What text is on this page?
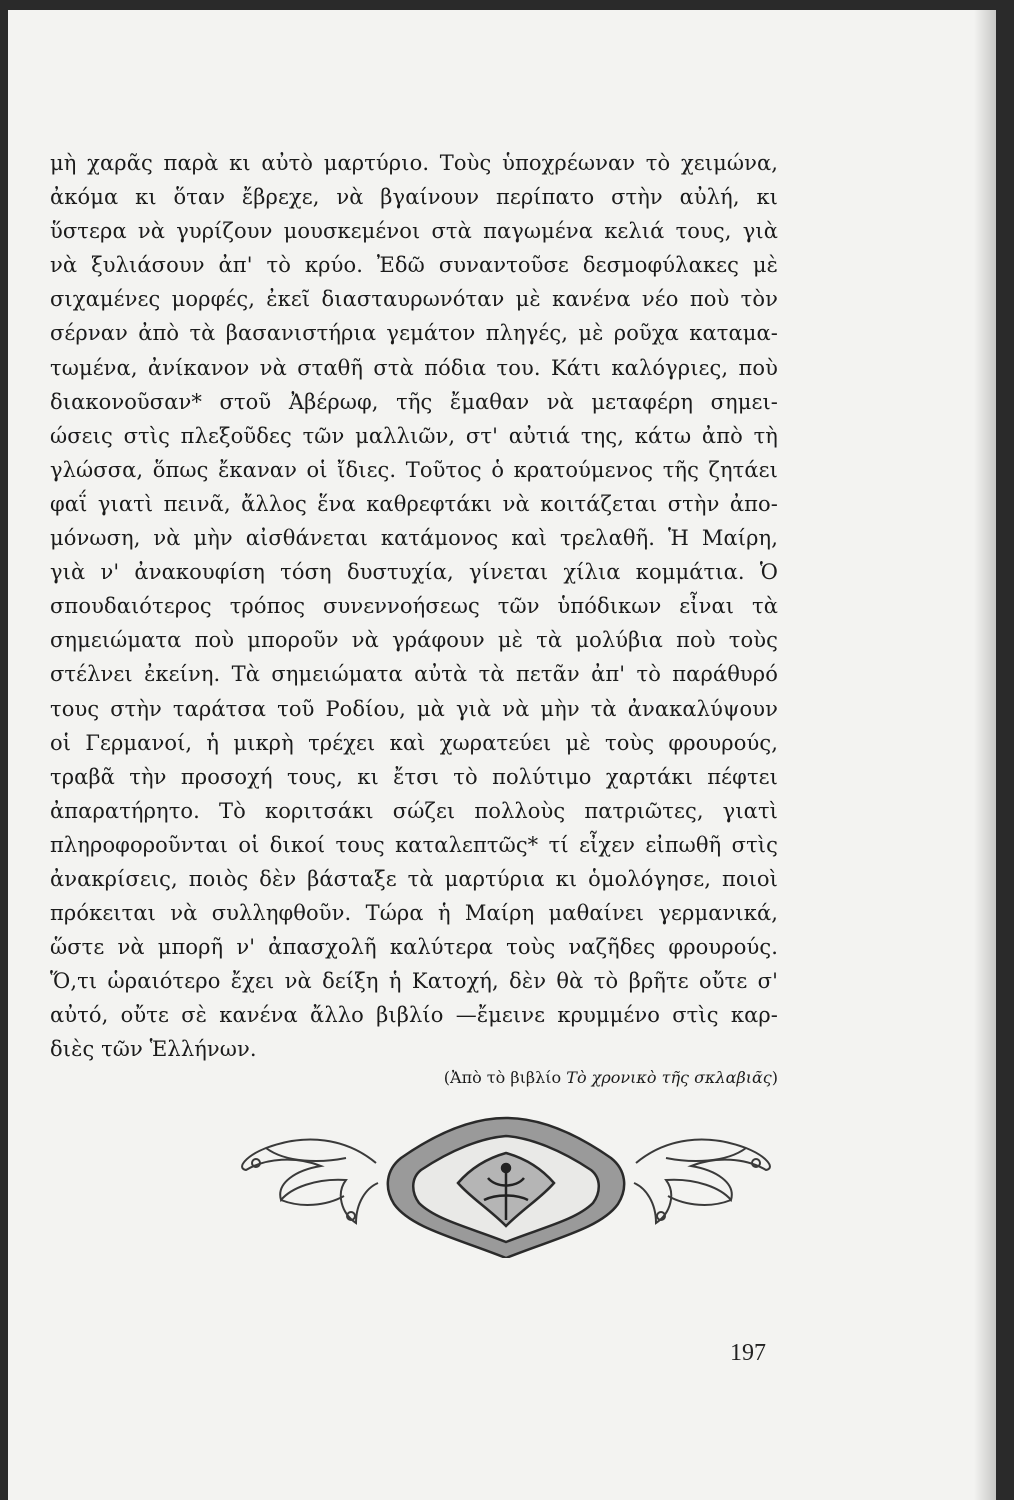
μὴ χαρᾶς παρὰ κι αὐτὸ μαρτύριο. Τοὺς ὑποχρέωναν τὸ χειμώνα,
ἀκόμα κι ὅταν ἔβρεχε, νὰ βγαίνουν περίπατο στὴν αὐλή, κι
ὕστερα νὰ γυρίζουν μουσκεμένοι στὰ παγωμένα κελιά τους, γιὰ
νὰ ξυλιάσουν ἀπ' τὸ κρύο. Ἐδῶ συναντοῦσε δεσμοφύλακες μὲ
σιχαμένες μορφές, ἐκεῖ διασταυρωνόταν μὲ κανένα νέο ποὺ τὸν
σέρναν ἀπὸ τὰ βασανιστήρια γεμάτον πληγές, μὲ ροῦχα καταμα-
τωμένα, ἀνίκανον νὰ σταθῆ στὰ πόδια του. Κάτι καλόγριες, ποὺ
διακονοῦσαν* στοῦ Ἀβέρωφ, τῆς ἔμαθαν νὰ μεταφέρη σημει-
ώσεις στὶς πλεξοῦδες τῶν μαλλιῶν, στ' αὐτιά της, κάτω ἀπὸ τὴ
γλώσσα, ὅπως ἔκαναν οἱ ἴδιες. Τοῦτος ὁ κρατούμενος τῆς ζητάει
φαΐ γιατὶ πεινᾶ, ἄλλος ἕνα καθρεφτάκι νὰ κοιτάζεται στὴν ἀπο-
μόνωση, νὰ μὴν αἰσθάνεται κατάμονος καὶ τρελαθῆ. Ἡ Μαίρη,
γιὰ ν' ἀνακουφίση τόση δυστυχία, γίνεται χίλια κομμάτια. Ὁ
σπουδαιότερος τρόπος συνεννοήσεως τῶν ὑπόδικων εἶναι τὰ
σημειώματα ποὺ μποροῦν νὰ γράφουν μὲ τὰ μολύβια ποὺ τοὺς
στέλνει ἐκείνη. Τὰ σημειώματα αὐτὰ τὰ πετᾶν ἀπ' τὸ παράθυρό
τους στὴν ταράτσα τοῦ Ροδίου, μὰ γιὰ νὰ μὴν τὰ ἀνακαλύψουν
οἱ Γερμανοί, ἡ μικρὴ τρέχει καὶ χωρατεύει μὲ τοὺς φρουρούς,
τραβᾶ τὴν προσοχή τους, κι ἔτσι τὸ πολύτιμο χαρτάκι πέφτει
ἀπαρατήρητο. Τὸ κοριτσάκι σώζει πολλοὺς πατριῶτες, γιατὶ
πληροφοροῦνται οἱ δικοί τους καταλεπτῶς* τί εἶχεν εἰπωθῆ στὶς
ἀνακρίσεις, ποιὸς δὲν βάσταξε τὰ μαρτύρια κι ὁμολόγησε, ποιοὶ
πρόκειται νὰ συλληφθοῦν. Τώρα ἡ Μαίρη μαθαίνει γερμανικά,
ὥστε νὰ μπορῆ ν' ἀπασχολῆ καλύτερα τοὺς ναζῆδες φρουρούς.
Ὅ,τι ὡραιότερο ἔχει νὰ δείξη ἡ Κατοχή, δὲν θὰ τὸ βρῆτε οὔτε σ'
αὐτό, οὔτε σὲ κανένα ἄλλο βιβλίο —ἔμεινε κρυμμένο στὶς καρ-
διὲς τῶν Ἑλλήνων.
(Ἀπὸ τὸ βιβλίο Τὸ χρονικὸ τῆς σκλαβιᾶς)
197
